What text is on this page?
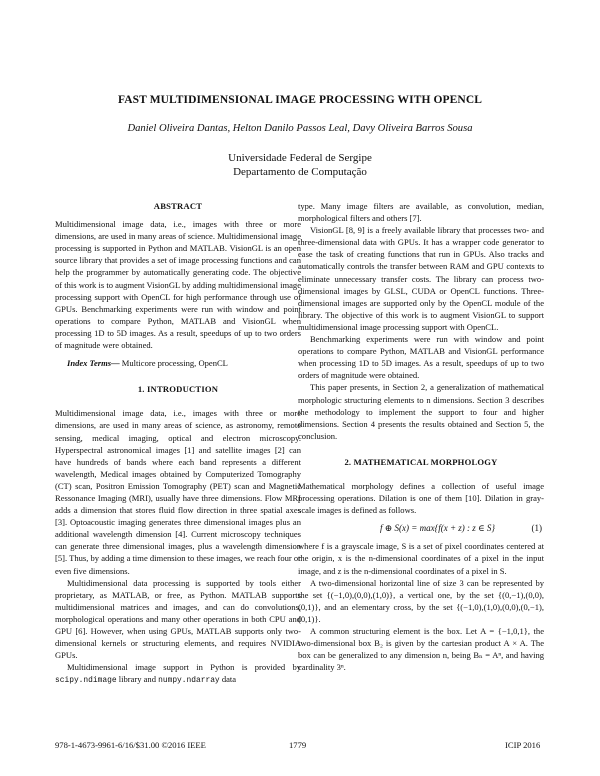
FAST MULTIDIMENSIONAL IMAGE PROCESSING WITH OPENCL
Daniel Oliveira Dantas, Helton Danilo Passos Leal, Davy Oliveira Barros Sousa
Universidade Federal de Sergipe
Departamento de Computação
ABSTRACT

Multidimensional image data, i.e., images with three or more dimensions, are used in many areas of science. Multidimensional image processing is supported in Python and MATLAB. VisionGL is an open source library that provides a set of image processing functions and can help the programmer by automatically generating code. The objective of this work is to augment VisionGL by adding multidimensional image processing support with OpenCL for high performance through use of GPUs. Benchmarking experiments were run with window and point operations to compare Python, MATLAB and VisionGL when processing 1D to 5D images. As a result, speedups of up to two orders of magnitude were obtained.

Index Terms— Multicore processing, OpenCL

1. INTRODUCTION

Multidimensional image data, i.e., images with three or more dimensions, are used in many areas of science, as astronomy, remote sensing, medical imaging, optical and electron microscopy. Hyperspectral astronomical images [1] and satellite images [2] can have hundreds of bands where each band represents a different wavelength, Medical images obtained by Computerized Tomography (CT) scan, Positron Emission Tomography (PET) scan and Magnetic Ressonance Imaging (MRI), usually have three dimensions. Flow MRI adds a dimension that stores fluid flow direction in three spatial axes [3]. Optoacoustic imaging generates three dimensional images plus an additional wavelength dimension [4]. Current microscopy techniques can generate three dimensional images, plus a wavelength dimension [5]. Thus, by adding a time dimension to these images, we reach four or even five dimensions.

Multidimensional data processing is supported by tools either proprietary, as MATLAB, or free, as Python. MATLAB supports multidimensional matrices and images, and can do convolutions, morphological operations and many other operations in both CPU and GPU [6]. However, when using GPUs, MATLAB supports only two-dimensional kernels or structuring elements, and requires NVIDIA GPUs.

Multidimensional image support in Python is provided by scipy.ndimage library and numpy.ndarray data

type. Many image filters are available, as convolution, median, morphological filters and others [7].

VisionGL [8, 9] is a freely available library that processes two- and three-dimensional data with GPUs. It has a wrapper code generator to ease the task of creating functions that run in GPUs. Also tracks and automatically controls the transfer between RAM and GPU contexts to eliminate unnecessary transfer costs. The library can process two-dimensional images by GLSL, CUDA or OpenCL functions. Three-dimensional images are supported only by the OpenCL module of the library. The objective of this work is to augment VisionGL to support multidimensional image processing support with OpenCL.

Benchmarking experiments were run with window and point operations to compare Python, MATLAB and VisionGL performance when processing 1D to 5D images. As a result, speedups of up to two orders of magnitude were obtained.

This paper presents, in Section 2, a generalization of mathematical morphologic structuring elements to n dimensions. Section 3 describes the methodology to implement the support to four and higher dimensions. Section 4 presents the results obtained and Section 5, the conclusion.

2. MATHEMATICAL MORPHOLOGY

Mathematical morphology defines a collection of useful image processing operations. Dilation is one of them [10]. Dilation in gray-scale images is defined as follows.

f ⊕ S(x) = max{f(x + z) : z ∈ S}	(1)

where f is a grayscale image, S is a set of pixel coordinates centered at the origin, x is the n-dimensional coordinates of a pixel in the input image, and z is the n-dimensional coordinates of a pixel in S.

A two-dimensional horizontal line of size 3 can be represented by the set {(−1,0),(0,0),(1,0)}, a vertical one, by the set {(0,−1),(0,0),(0,1)}, and an elementary cross, by the set {(−1,0),(1,0),(0,0),(0,−1),(0,1)}.

A common structuring element is the box. Let A = {−1,0,1}, the two-dimensional box B₂ is given by the cartesian product A × A. The box can be generalized to any dimension n, being Bₙ = Aⁿ, and having cardinality 3ⁿ.

978-1-4673-9961-6/16/$31.00 ©2016 IEEE	1779	ICIP 2016
